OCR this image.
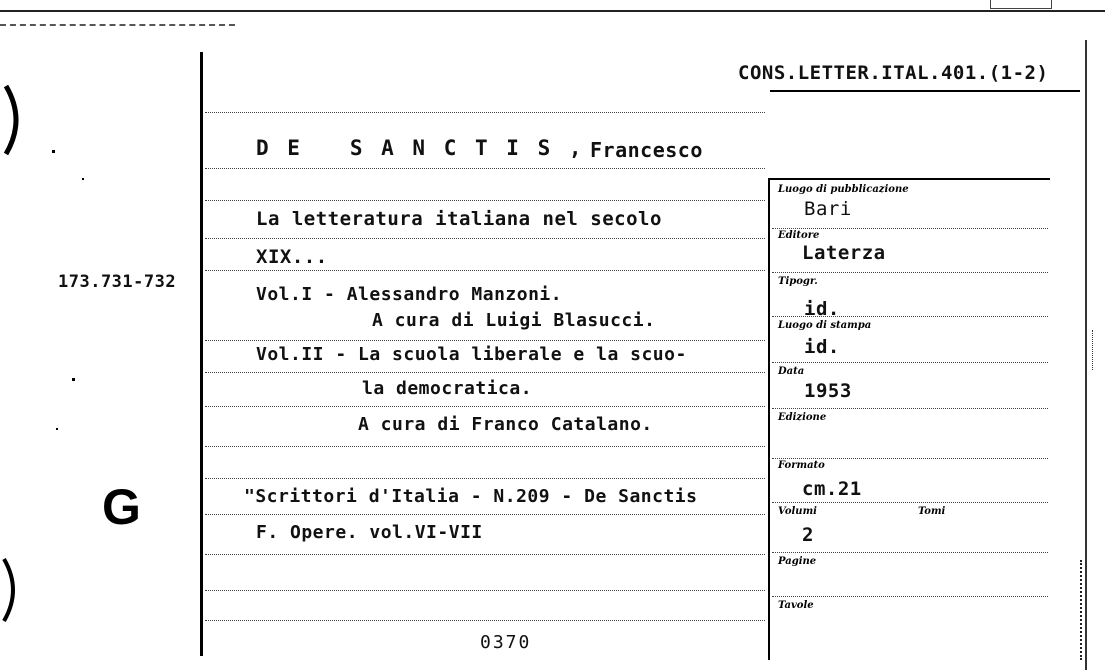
CONS.LETTER.ITAL.401.(1-2)
D E   S A N C T I S , Francesco
La letteratura italiana nel secolo
XIX...
Vol.I - Alessandro Manzoni.
A cura di Luigi Blasucci.
Vol.II - La scuola liberale e la scuo-
la democratica.
A cura di Franco Catalano.
"Scrittori d'Italia - N.209 - De Sanctis
F. Opere. vol.VI-VII
173.731-732
G
0370
Luogo di pubblicazione
Bari
Editore
Laterza
Tipogr.
id.
Luogo di stampa
id.
Data
1953
Edizione
Formato
cm.21
Volumi
2
Tomi
Pagine
Tavole
